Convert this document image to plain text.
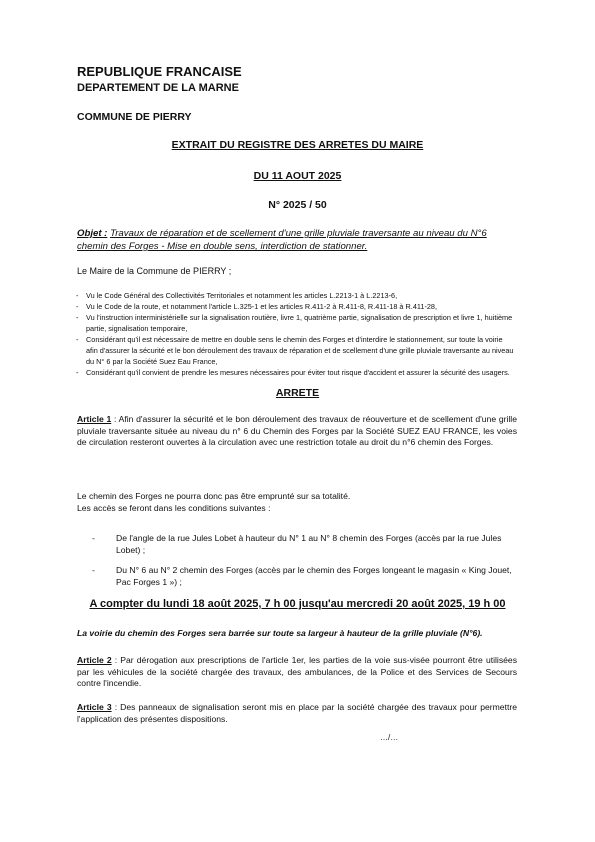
REPUBLIQUE FRANCAISE
DEPARTEMENT DE LA MARNE
COMMUNE DE PIERRY
EXTRAIT DU REGISTRE DES ARRETES DU MAIRE
DU 11 AOUT 2025
N° 2025 / 50
Objet : Travaux de réparation et de scellement d'une grille pluviale traversante au niveau du N°6 chemin des Forges - Mise en double sens, interdiction de stationner.
Le Maire de la Commune de PIERRY ;
- Vu le Code Général des Collectivités Territoriales et notamment les articles L.2213-1 à L.2213-6,
- Vu le Code de la route, et notamment l'article L.325-1 et les articles R.411-2 à R.411-8, R.411-18 à R.411-28,
- Vu l'instruction interministérielle sur la signalisation routière, livre 1, quatrième partie, signalisation de prescription et livre 1, huitième partie, signalisation temporaire,
- Considérant qu'il est nécessaire de mettre en double sens le chemin des Forges et d'interdire le stationnement, sur toute la voirie afin d'assurer la sécurité et le bon déroulement des travaux de réparation et de scellement d'une grille pluviale traversante au niveau du N° 6 par la Société Suez Eau France,
- Considérant qu'il convient de prendre les mesures nécessaires pour éviter tout risque d'accident et assurer la sécurité des usagers.
ARRETE
Article 1 : Afin d'assurer la sécurité et le bon déroulement des travaux de réouverture et de scellement d'une grille pluviale traversante située au niveau du n° 6 du Chemin des Forges par la Société SUEZ EAU FRANCE, les voies de circulation resteront ouvertes à la circulation avec une restriction totale au droit du n°6 chemin des Forges.
Le chemin des Forges ne pourra donc pas être emprunté sur sa totalité.
Les accès se feront dans les conditions suivantes :
- De l'angle de la rue Jules Lobet à hauteur du N° 1 au N° 8 chemin des Forges (accès par la rue Jules Lobet) ;
- Du N° 6 au N° 2 chemin des Forges (accès par le chemin des Forges longeant le magasin « King Jouet, Pac Forges 1 ») ;
A compter du lundi 18 août 2025, 7 h 00 jusqu'au mercredi 20 août 2025, 19 h 00
La voirie du chemin des Forges sera barrée sur toute sa largeur à hauteur de la grille pluviale (N°6).
Article 2 : Par dérogation aux prescriptions de l'article 1er, les parties de la voie sus-visée pourront être utilisées par les véhicules de la société chargée des travaux, des ambulances, de la Police et des Services de Secours contre l'incendie.
Article 3 : Des panneaux de signalisation seront mis en place par la société chargée des travaux pour permettre l'application des présentes dispositions.
…/…
